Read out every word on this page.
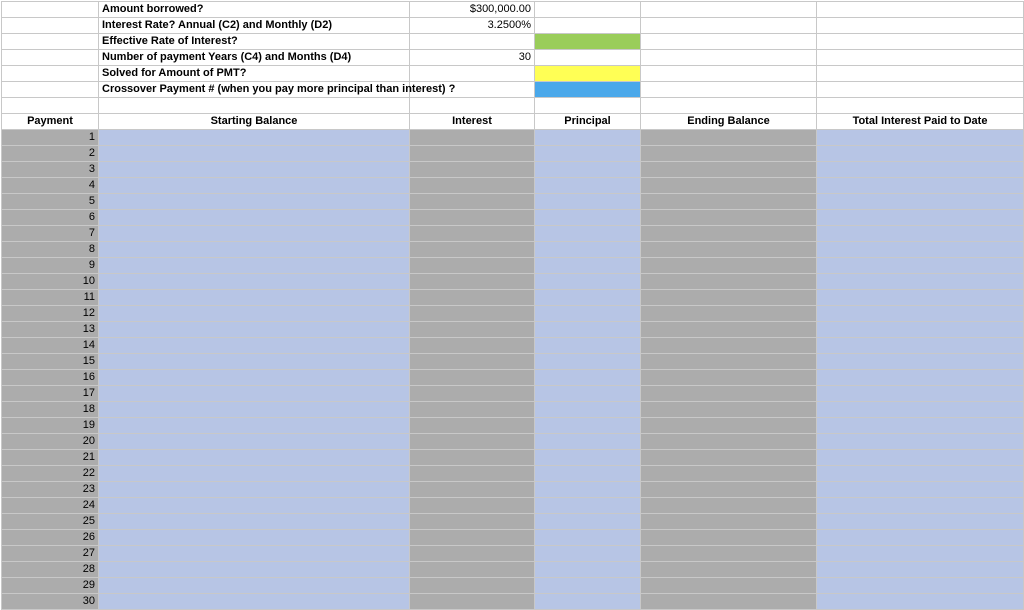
	Amount borrowed?	$300,000.00			
	Interest Rate? Annual (C2) and Monthly (D2)	3.2500%			
	Effective Rate of Interest?				
	Number of payment Years (C4) and Months (D4)	30			
	Solved for Amount of PMT?				
	Crossover Payment # (when you pay more principal than interest) ?				

Payment	Starting Balance	Interest	Principal	Ending Balance	Total Interest Paid to Date
1					
2					
3					
4					
5					
6					
7					
8					
9					
10					
11					
12					
13					
14					
15					
16					
17					
18					
19					
20					
21					
22					
23					
24					
25					
26					
27					
28					
29					
30					
